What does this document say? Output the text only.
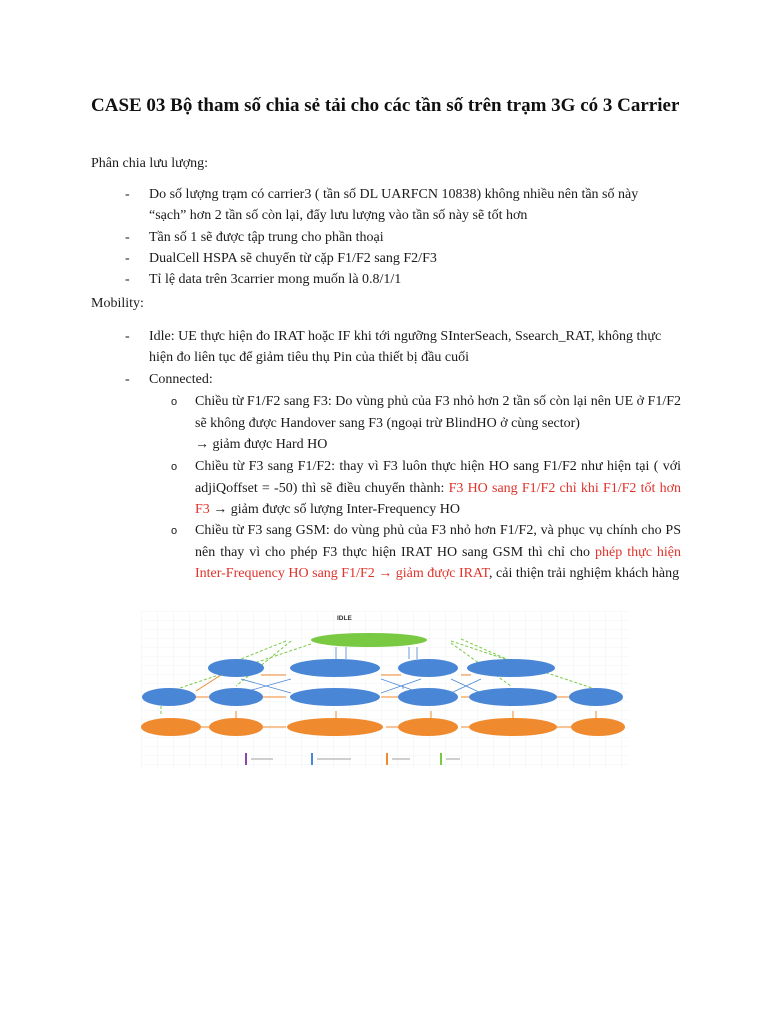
CASE 03 Bộ tham số chia sẻ tải cho các tần số trên trạm 3G có 3 Carrier

Phân chia lưu lượng:

- Do số lượng trạm có carrier3 ( tần số DL UARFCN 10838) không nhiều nên tần số này “sạch” hơn 2 tần số còn lại, đẩy lưu lượng vào tần số này sẽ tốt hơn
- Tần số 1 sẽ được tập trung cho phần thoại
- DualCell HSPA sẽ chuyển từ cặp F1/F2 sang F2/F3
- Tỉ lệ data trên 3carrier mong muốn là 0.8/1/1

Mobility:

- Idle: UE thực hiện đo IRAT hoặc IF khi tới ngưỡng SInterSeach, Ssearch_RAT, không thực hiện đo liên tục để giảm tiêu thụ Pin của thiết bị đầu cuối
- Connected:
o Chiều từ F1/F2 sang F3: Do vùng phủ của F3 nhỏ hơn 2 tần số còn lại nên UE ở F1/F2 sẽ không được Handover sang F3 (ngoại trừ BlindHO ở cùng sector)
→ giảm được Hard HO
o Chiều từ F3 sang F1/F2: thay vì F3 luôn thực hiện HO sang F1/F2 như hiện tại ( với adjiQoffset = -50) thì sẽ điều chuyển thành: F3 HO sang F1/F2 chỉ khi F1/F2 tốt hơn F3 → giảm được số lượng Inter-Frequency HO
o Chiều từ F3 sang GSM: do vùng phủ của F3 nhỏ hơn F1/F2, và phục vụ chính cho PS nên thay vì cho phép F3 thực hiện IRAT HO sang GSM thì chỉ cho phép thực hiện Inter-Frequency HO sang F1/F2 → giảm được IRAT, cải thiện trải nghiệm khách hàng
IDLE
